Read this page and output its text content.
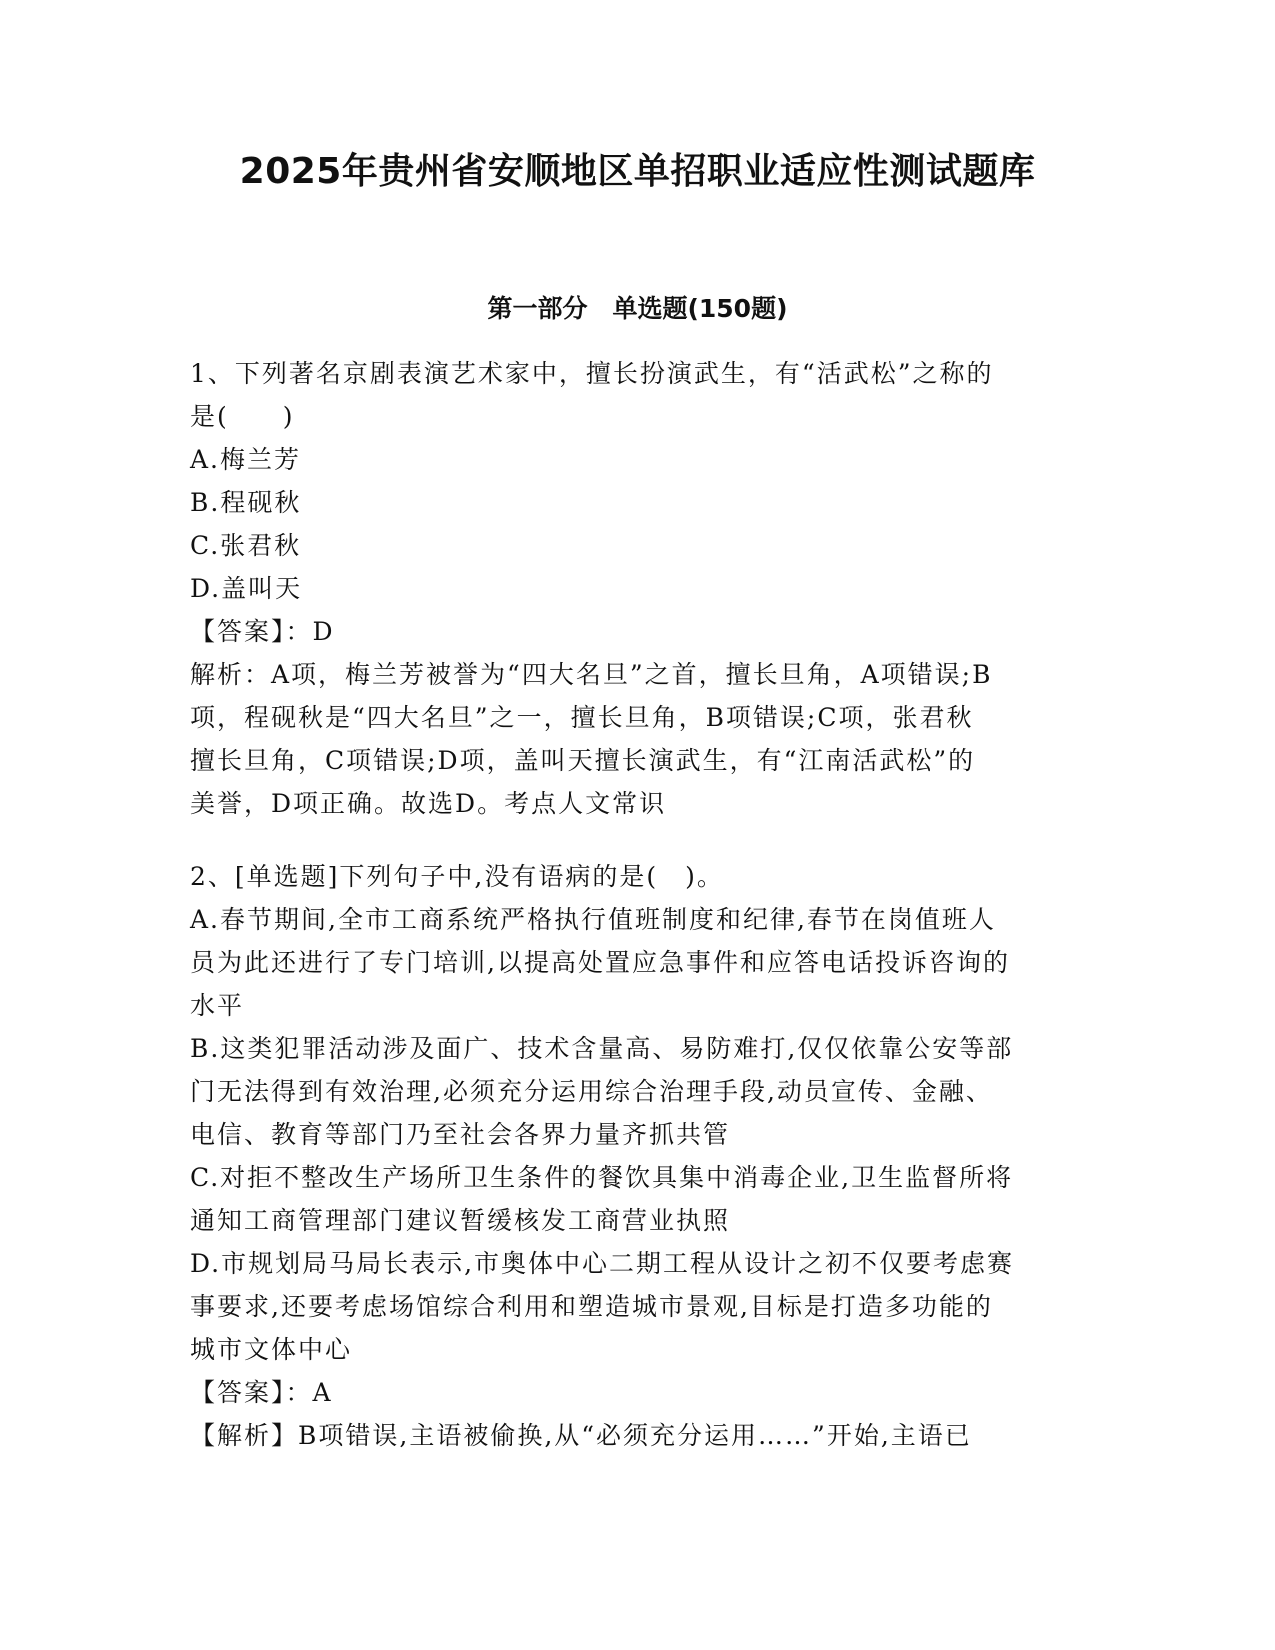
2025年贵州省安顺地区单招职业适应性测试题库
第一部分　单选题(150题)
1、下列著名京剧表演艺术家中，擅长扮演武生，有“活武松”之称的
是(　　)
A.梅兰芳
B.程砚秋
C.张君秋
D.盖叫天
【答案】：D
解析：A项，梅兰芳被誉为“四大名旦”之首，擅长旦角，A项错误;B
项，程砚秋是“四大名旦”之一，擅长旦角，B项错误;C项，张君秋
擅长旦角，C项错误;D项，盖叫天擅长演武生，有“江南活武松”的
美誉，D项正确。故选D。考点人文常识
2、[单选题]下列句子中,没有语病的是(　)。
A.春节期间,全市工商系统严格执行值班制度和纪律,春节在岗值班人
员为此还进行了专门培训,以提高处置应急事件和应答电话投诉咨询的
水平
B.这类犯罪活动涉及面广、技术含量高、易防难打,仅仅依靠公安等部
门无法得到有效治理,必须充分运用综合治理手段,动员宣传、金融、
电信、教育等部门乃至社会各界力量齐抓共管
C.对拒不整改生产场所卫生条件的餐饮具集中消毒企业,卫生监督所将
通知工商管理部门建议暂缓核发工商营业执照
D.市规划局马局长表示,市奥体中心二期工程从设计之初不仅要考虑赛
事要求,还要考虑场馆综合利用和塑造城市景观,目标是打造多功能的
城市文体中心
【答案】：A
【解析】B项错误,主语被偷换,从“必须充分运用……”开始,主语已
